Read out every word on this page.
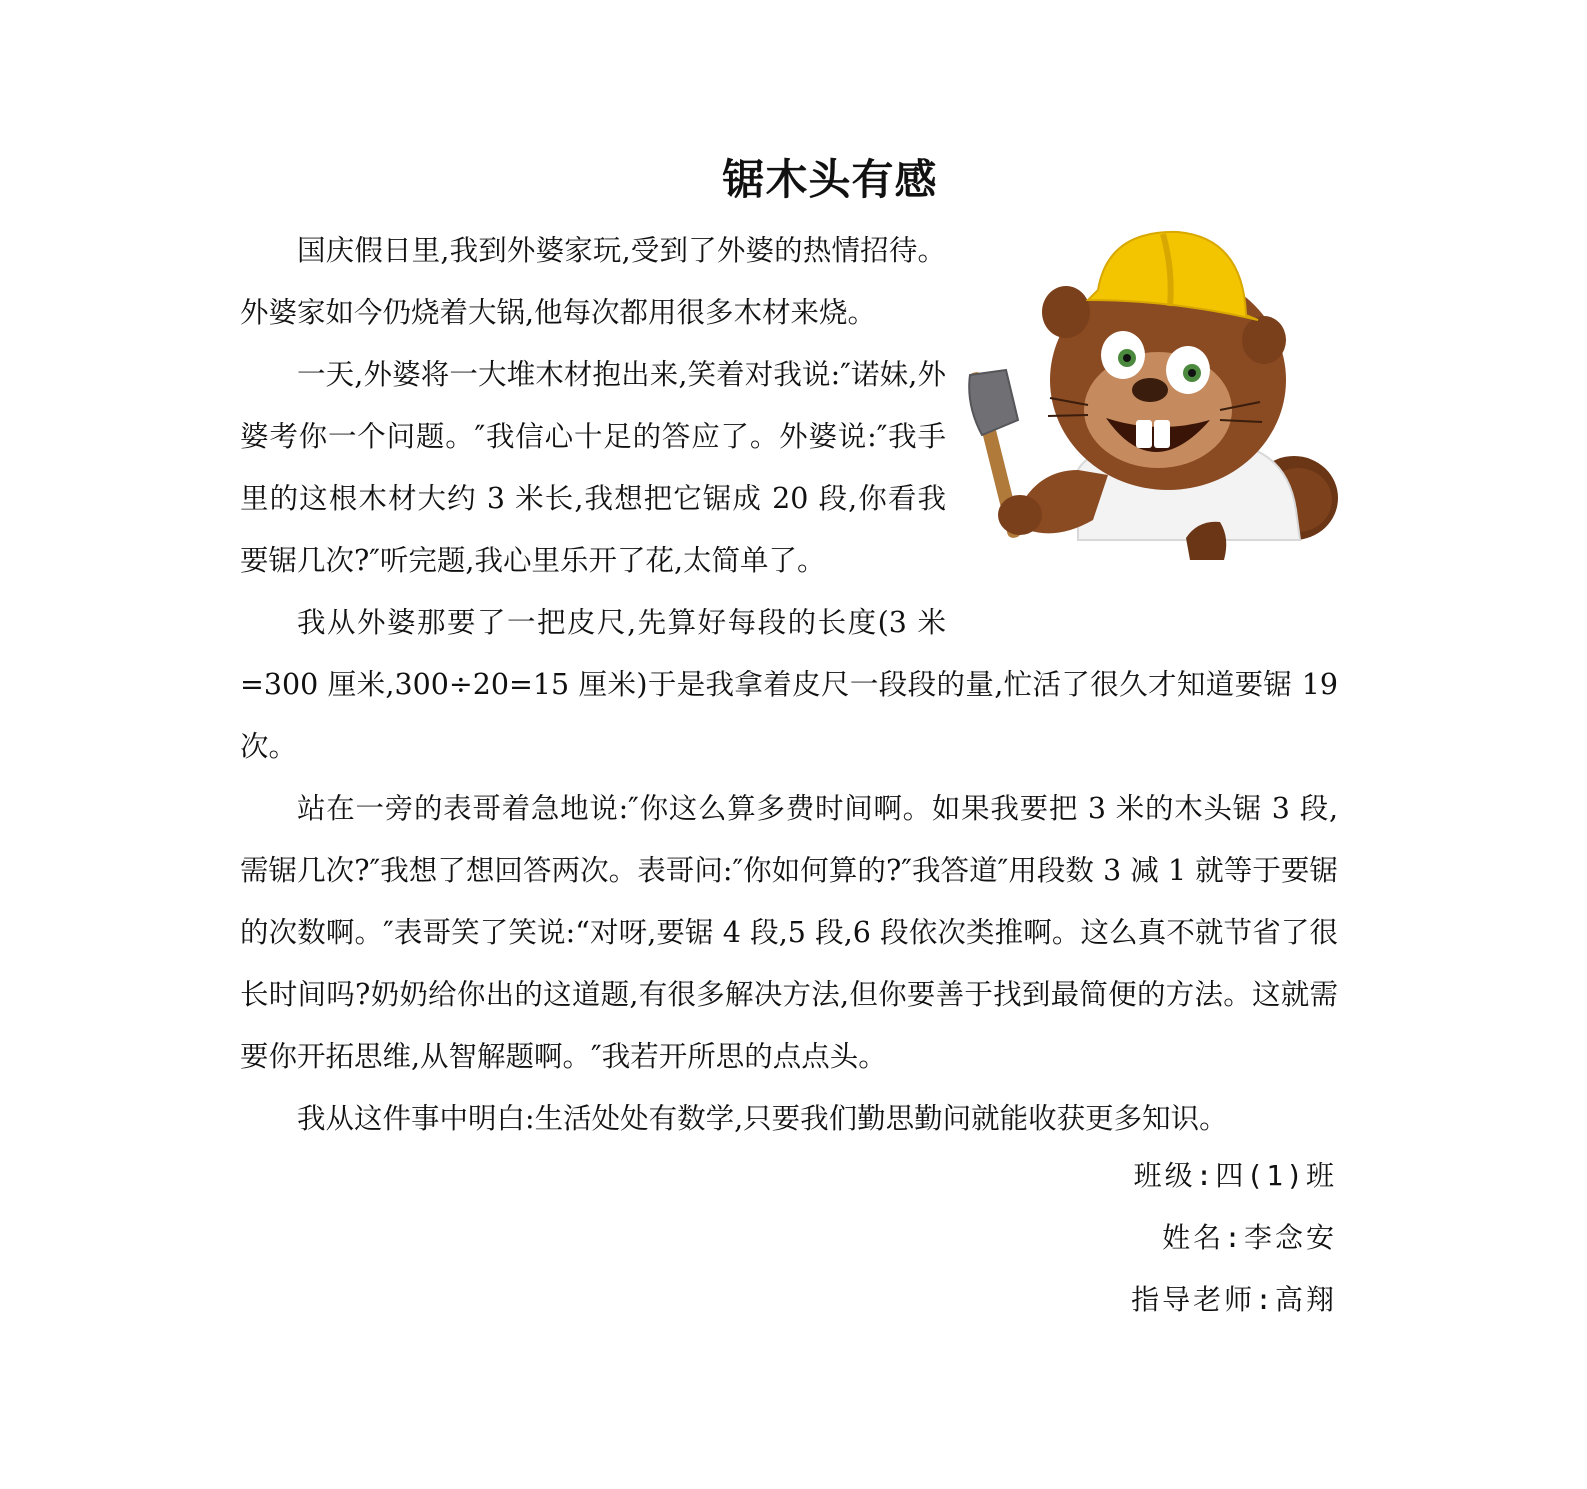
锯木头有感

国庆假日里,我到外婆家玩,受到了外婆的热情招待。外婆家如今仍烧着大锅,他每次都用很多木材来烧。

一天,外婆将一大堆木材抱出来,笑着对我说:″诺妹,外婆考你一个问题。″我信心十足的答应了。外婆说:″我手里的这根木材大约 3 米长,我想把它锯成 20 段,你看我要锯几次?″听完题,我心里乐开了花,太简单了。

我从外婆那要了一把皮尺,先算好每段的长度(3 米=300 厘米,300÷20=15 厘米)于是我拿着皮尺一段段的量,忙活了很久才知道要锯 19 次。

站在一旁的表哥着急地说:″你这么算多费时间啊。如果我要把 3 米的木头锯 3 段,需锯几次?″我想了想回答两次。表哥问:″你如何算的?″我答道″用段数 3 减 1 就等于要锯的次数啊。″表哥笑了笑说:“对呀,要锯 4 段,5 段,6 段依次类推啊。这么真不就节省了很长时间吗?奶奶给你出的这道题,有很多解决方法,但你要善于找到最简便的方法。这就需要你开拓思维,从智解题啊。″我若开所思的点点头。

我从这件事中明白:生活处处有数学,只要我们勤思勤问就能收获更多知识。

班级:四(1)班
姓名:李念安
指导老师:高翔
